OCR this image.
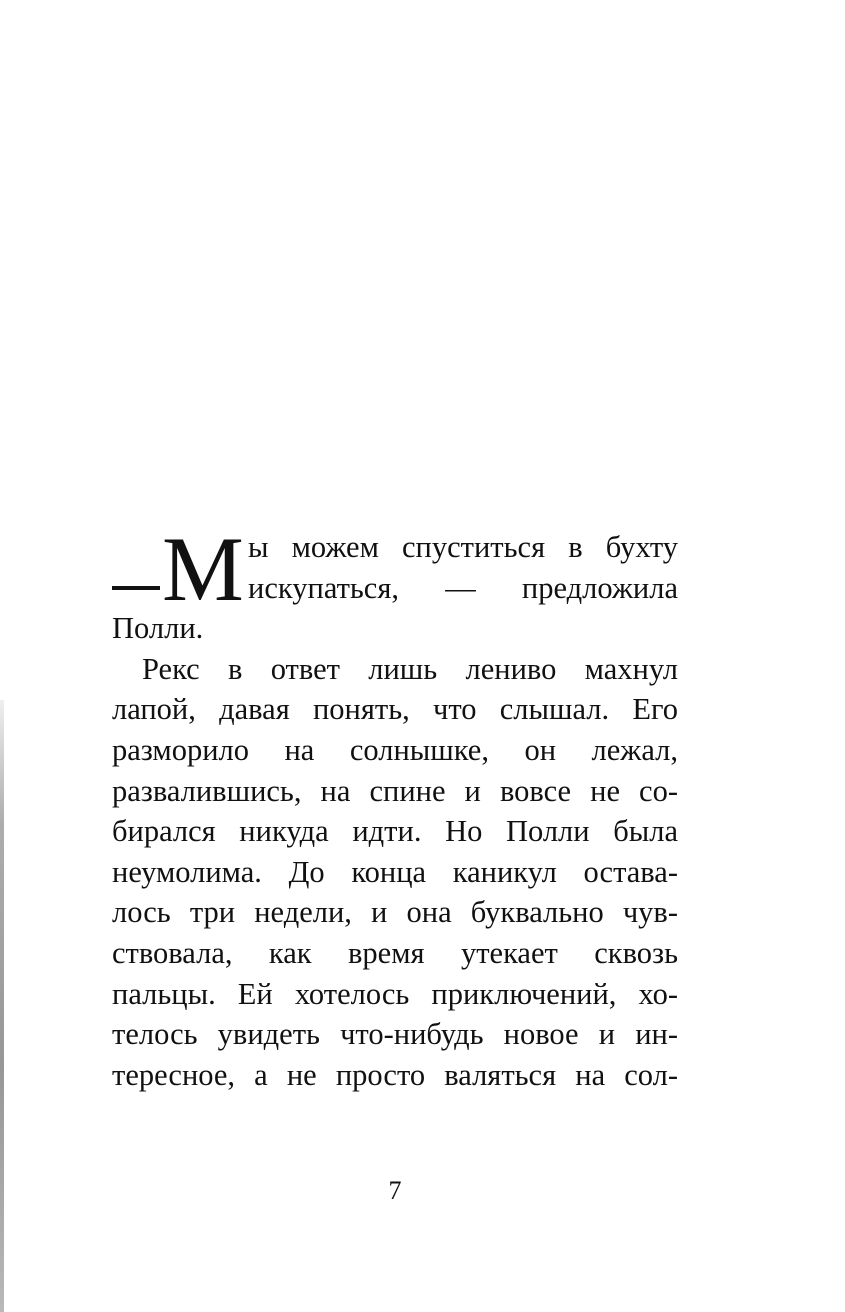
М ы можем спуститься в бухту
искупаться, — предложила
Полли.
Рекс в ответ лишь лениво махнул
лапой, давая понять, что слышал. Его
разморило на солнышке, он лежал,
развалившись, на спине и вовсе не со-
бирался никуда идти. Но Полли была
неумолима. До конца каникул остава-
лось три недели, и она буквально чув-
ствовала, как время утекает сквозь
пальцы. Ей хотелось приключений, хо-
телось увидеть что-нибудь новое и ин-
тересное, а не просто валяться на сол-
7
